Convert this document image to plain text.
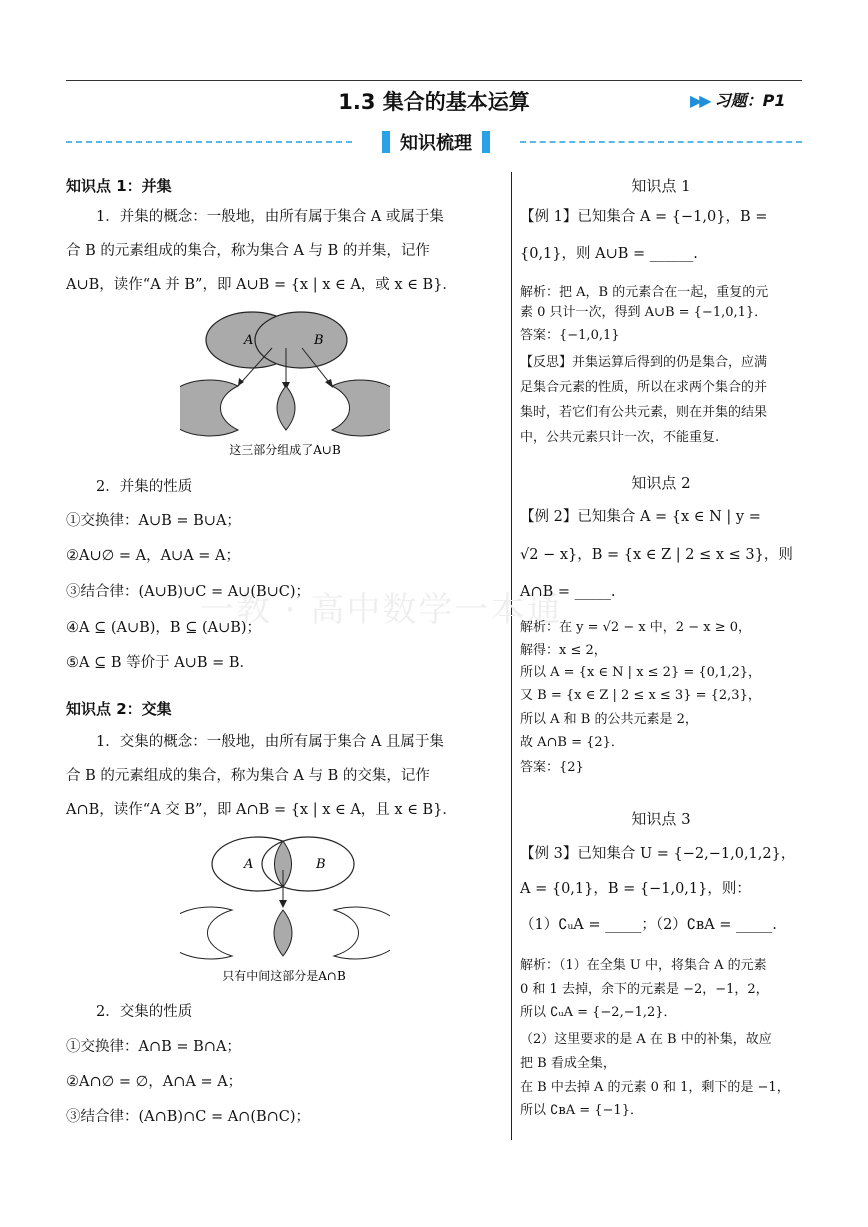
1.3 集合的基本运算	▶▶ 习题：P1
知识梳理
一教 · 高中数学一本通
知识点 1：并集
1．并集的概念：一般地，由所有属于集合 A 或属于集
合 B 的元素组成的集合，称为集合 A 与 B 的并集，记作
A∪B，读作“A 并 B”，即 A∪B = {x | x ∈ A，或 x ∈ B}．
A	B
这三部分组成了A∪B
2．并集的性质
①交换律：A∪B = B∪A；
②A∪∅ = A，A∪A = A；
③结合律：(A∪B)∪C = A∪(B∪C)；
④A ⊆ (A∪B)，B ⊆ (A∪B)；
⑤A ⊆ B 等价于 A∪B = B．
知识点 2：交集
1．交集的概念：一般地，由所有属于集合 A 且属于集
合 B 的元素组成的集合，称为集合 A 与 B 的交集，记作
A∩B，读作“A 交 B”，即 A∩B = {x | x ∈ A，且 x ∈ B}．
A	B
只有中间这部分是A∩B
2．交集的性质
①交换律：A∩B = B∩A；
②A∩∅ = ∅，A∩A = A；
③结合律：(A∩B)∩C = A∩(B∩C)；
知识点 1
【例 1】已知集合 A = {−1,0}，B =
{0,1}，则 A∪B = ______.
解析：把 A，B 的元素合在一起，重复的元
素 0 只计一次，得到 A∪B = {−1,0,1}．
答案：{−1,0,1}
【反思】并集运算后得到的仍是集合，应满
足集合元素的性质，所以在求两个集合的并
集时，若它们有公共元素，则在并集的结果
中，公共元素只计一次，不能重复.
知识点 2
【例 2】已知集合 A = {x ∈ N | y =
√2 − x}，B = {x ∈ Z | 2 ≤ x ≤ 3}，则
A∩B = _____.
解析：在 y = √2 − x 中，2 − x ≥ 0，
解得：x ≤ 2，
所以 A = {x ∈ N | x ≤ 2} = {0,1,2}，
又 B = {x ∈ Z | 2 ≤ x ≤ 3} = {2,3}，
所以 A 和 B 的公共元素是 2，
故 A∩B = {2}．
答案：{2}
知识点 3
【例 3】已知集合 U = {−2,−1,0,1,2}，
A = {0,1}，B = {−1,0,1}，则：
（1）∁ᵤA = _____；（2）∁ʙA = _____.
解析：（1）在全集 U 中，将集合 A 的元素
0 和 1 去掉，余下的元素是 −2，−1，2，
所以 ∁ᵤA = {−2,−1,2}．
（2）这里要求的是 A 在 B 中的补集，故应
把 B 看成全集，
在 B 中去掉 A 的元素 0 和 1，剩下的是 −1，
所以 ∁ʙA = {−1}．
